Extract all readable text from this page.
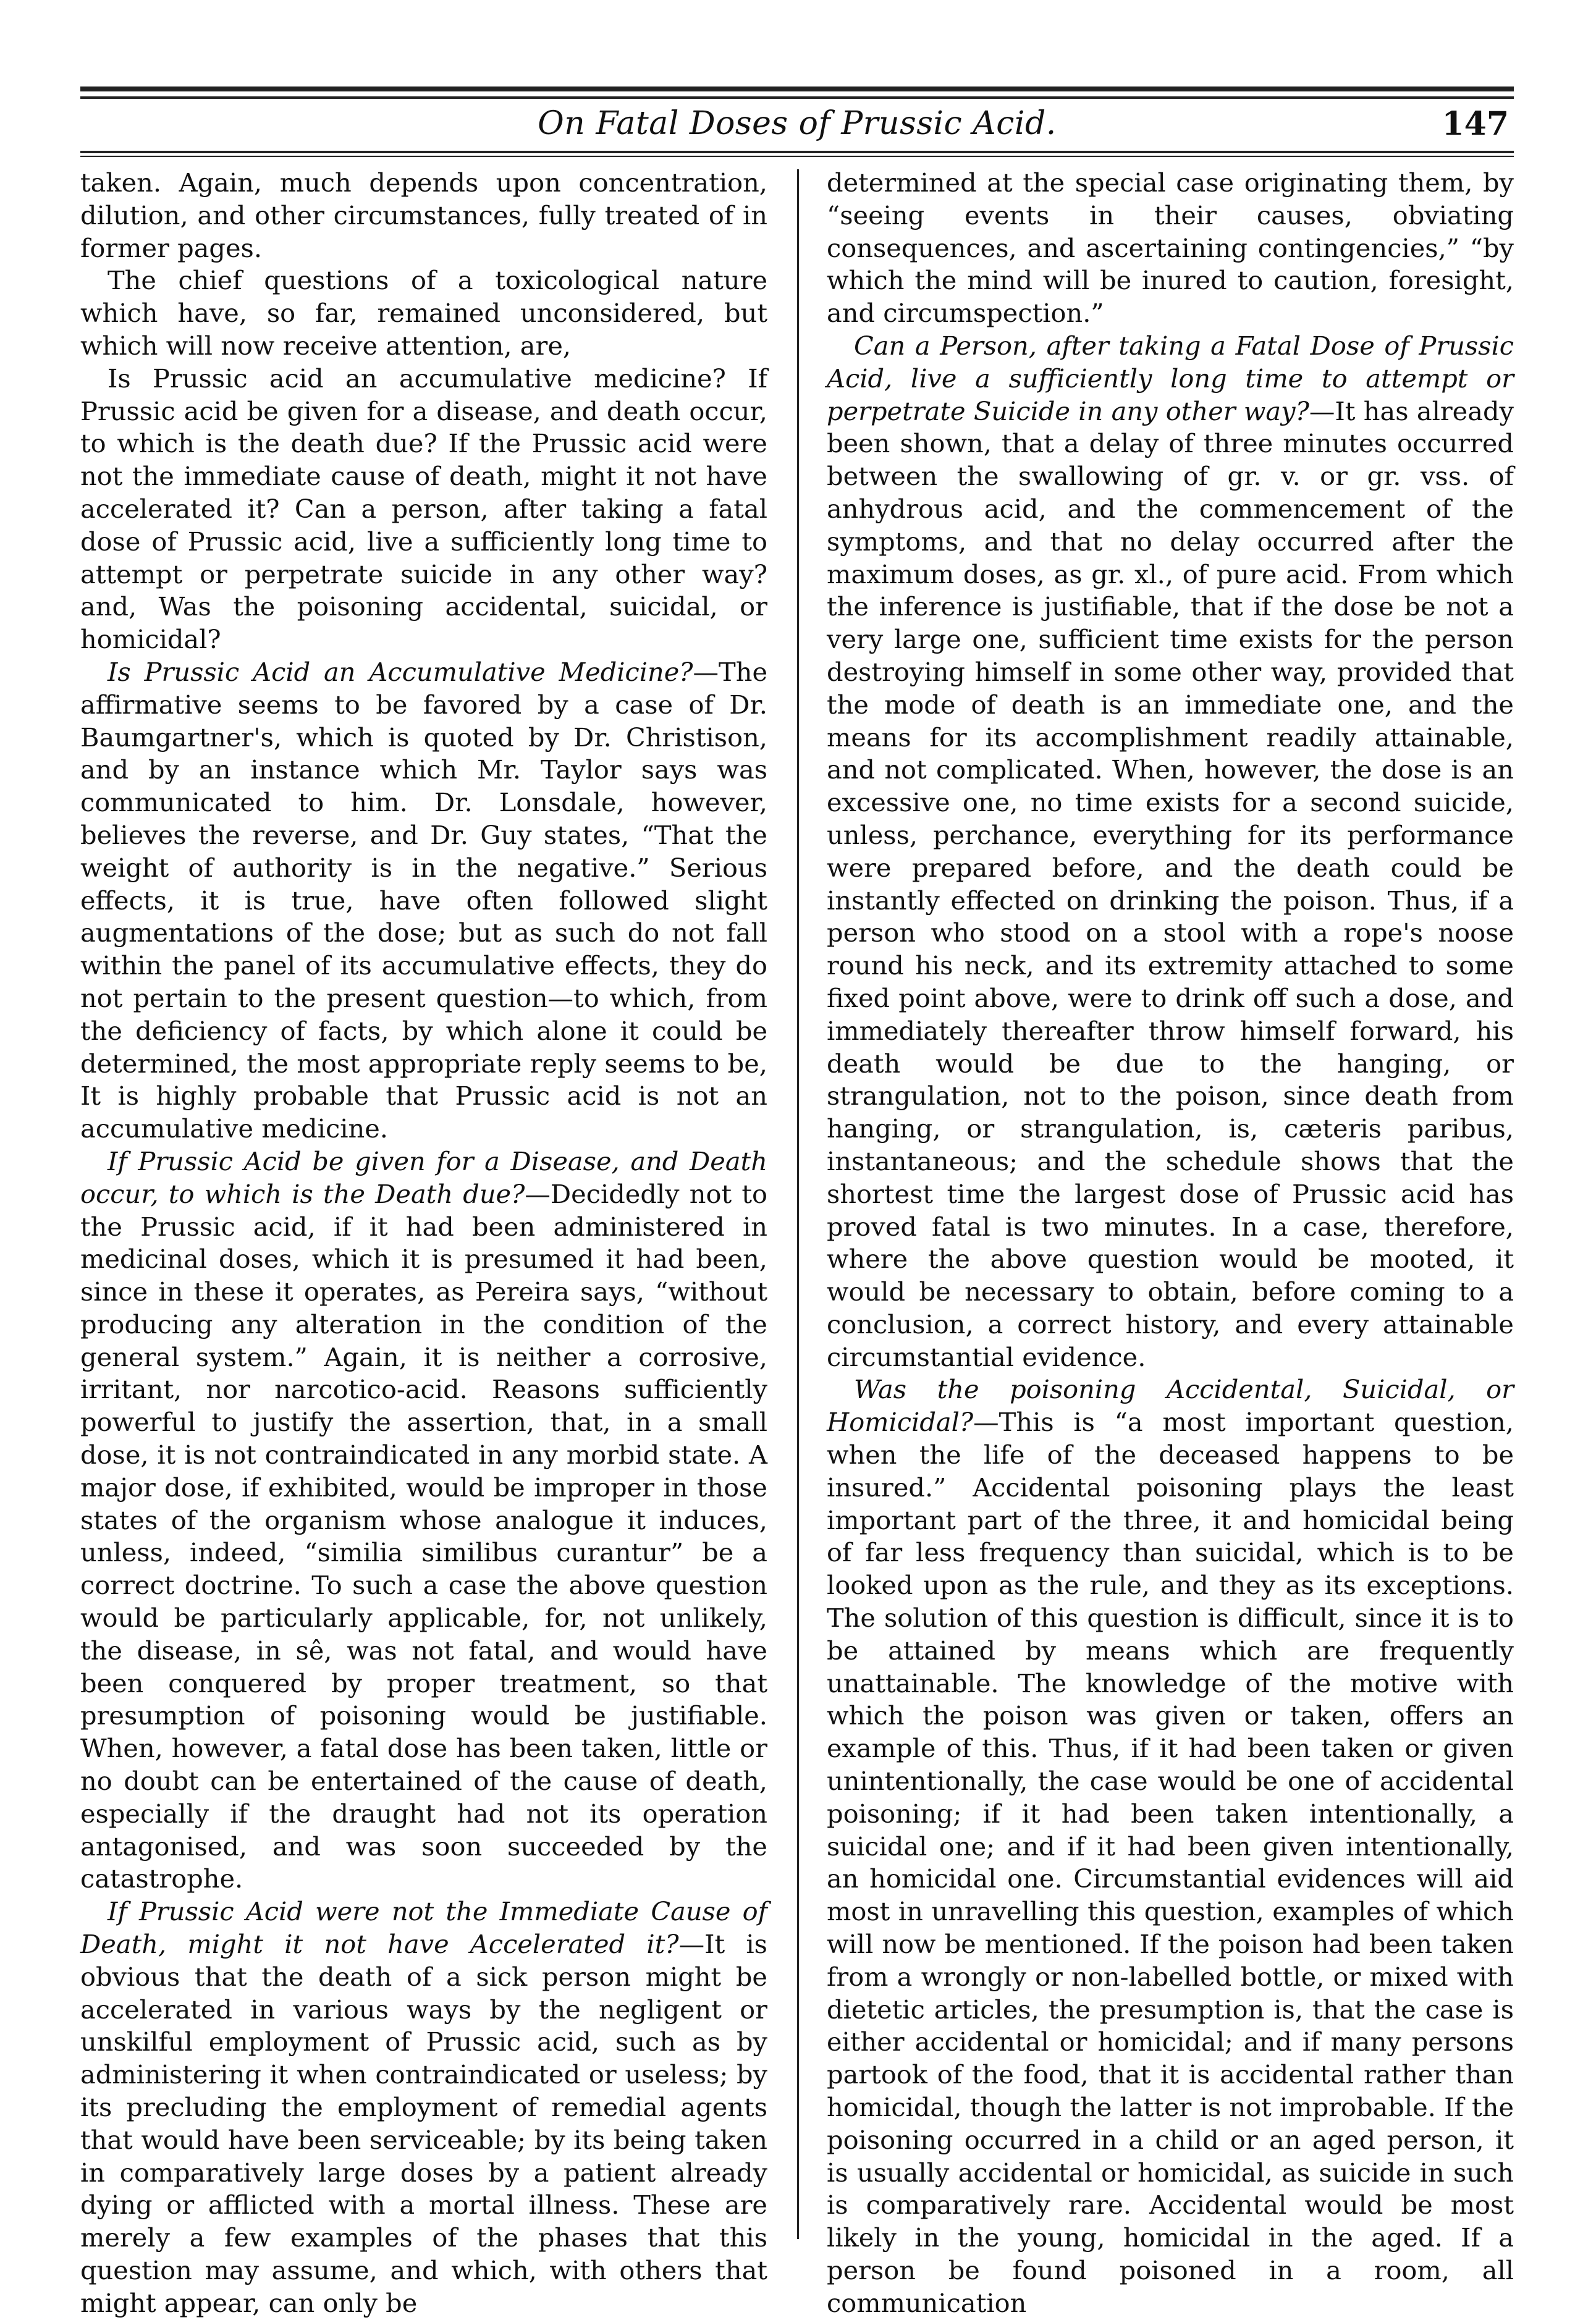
On Fatal Doses of Prussic Acid.	147

taken. Again, much depends upon concentration, dilution, and other circumstances, fully treated of in former pages.

The chief questions of a toxicological nature which have, so far, remained unconsidered, but which will now receive attention, are,

Is Prussic acid an accumulative medicine? If Prussic acid be given for a disease, and death occur, to which is the death due? If the Prussic acid were not the immediate cause of death, might it not have accelerated it? Can a person, after taking a fatal dose of Prussic acid, live a sufficiently long time to attempt or perpetrate suicide in any other way? and, Was the poisoning accidental, suicidal, or homicidal?

Is Prussic Acid an Accumulative Medicine?—The affirmative seems to be favored by a case of Dr. Baumgartner's, which is quoted by Dr. Christison, and by an instance which Mr. Taylor says was communicated to him. Dr. Lonsdale, however, believes the reverse, and Dr. Guy states, “That the weight of authority is in the negative.” Serious effects, it is true, have often followed slight augmentations of the dose; but as such do not fall within the panel of its accumulative effects, they do not pertain to the present question—to which, from the deficiency of facts, by which alone it could be determined, the most appropriate reply seems to be, It is highly probable that Prussic acid is not an accumulative medicine.

If Prussic Acid be given for a Disease, and Death occur, to which is the Death due?—Decidedly not to the Prussic acid, if it had been administered in medicinal doses, which it is presumed it had been, since in these it operates, as Pereira says, “without producing any alteration in the condition of the general system.” Again, it is neither a corrosive, irritant, nor narcotico-acid. Reasons sufficiently powerful to justify the assertion, that, in a small dose, it is not contraindicated in any morbid state. A major dose, if exhibited, would be improper in those states of the organism whose analogue it induces, unless, indeed, “similia similibus curantur” be a correct doctrine. To such a case the above question would be particularly applicable, for, not unlikely, the disease, in sê, was not fatal, and would have been conquered by proper treatment, so that presumption of poisoning would be justifiable. When, however, a fatal dose has been taken, little or no doubt can be entertained of the cause of death, especially if the draught had not its operation antagonised, and was soon succeeded by the catastrophe.

If Prussic Acid were not the Immediate Cause of Death, might it not have Accelerated it?—It is obvious that the death of a sick person might be accelerated in various ways by the negligent or unskilful employment of Prussic acid, such as by administering it when contraindicated or useless; by its precluding the employment of remedial agents that would have been serviceable; by its being taken in comparatively large doses by a patient already dying or afflicted with a mortal illness. These are merely a few examples of the phases that this question may assume, and which, with others that might appear, can only be

determined at the special case originating them, by “seeing events in their causes, obviating consequences, and ascertaining contingencies,” “by which the mind will be inured to caution, foresight, and circumspection.”

Can a Person, after taking a Fatal Dose of Prussic Acid, live a sufficiently long time to attempt or perpetrate Suicide in any other way?—It has already been shown, that a delay of three minutes occurred between the swallowing of gr. v. or gr. vss. of anhydrous acid, and the commencement of the symptoms, and that no delay occurred after the maximum doses, as gr. xl., of pure acid. From which the inference is justifiable, that if the dose be not a very large one, sufficient time exists for the person destroying himself in some other way, provided that the mode of death is an immediate one, and the means for its accomplishment readily attainable, and not complicated. When, however, the dose is an excessive one, no time exists for a second suicide, unless, perchance, everything for its performance were prepared before, and the death could be instantly effected on drinking the poison. Thus, if a person who stood on a stool with a rope's noose round his neck, and its extremity attached to some fixed point above, were to drink off such a dose, and immediately thereafter throw himself forward, his death would be due to the hanging, or strangulation, not to the poison, since death from hanging, or strangulation, is, cæteris paribus, instantaneous; and the schedule shows that the shortest time the largest dose of Prussic acid has proved fatal is two minutes. In a case, therefore, where the above question would be mooted, it would be necessary to obtain, before coming to a conclusion, a correct history, and every attainable circumstantial evidence.

Was the poisoning Accidental, Suicidal, or Homicidal?—This is “a most important question, when the life of the deceased happens to be insured.” Accidental poisoning plays the least important part of the three, it and homicidal being of far less frequency than suicidal, which is to be looked upon as the rule, and they as its exceptions. The solution of this question is difficult, since it is to be attained by means which are frequently unattainable. The knowledge of the motive with which the poison was given or taken, offers an example of this. Thus, if it had been taken or given unintentionally, the case would be one of accidental poisoning; if it had been taken intentionally, a suicidal one; and if it had been given intentionally, an homicidal one. Circumstantial evidences will aid most in unravelling this question, examples of which will now be mentioned. If the poison had been taken from a wrongly or non-labelled bottle, or mixed with dietetic articles, the presumption is, that the case is either accidental or homicidal; and if many persons partook of the food, that it is accidental rather than homicidal, though the latter is not improbable. If the poisoning occurred in a child or an aged person, it is usually accidental or homicidal, as suicide in such is comparatively rare. Accidental would be most likely in the young, homicidal in the aged. If a person be found poisoned in a room, all communication
